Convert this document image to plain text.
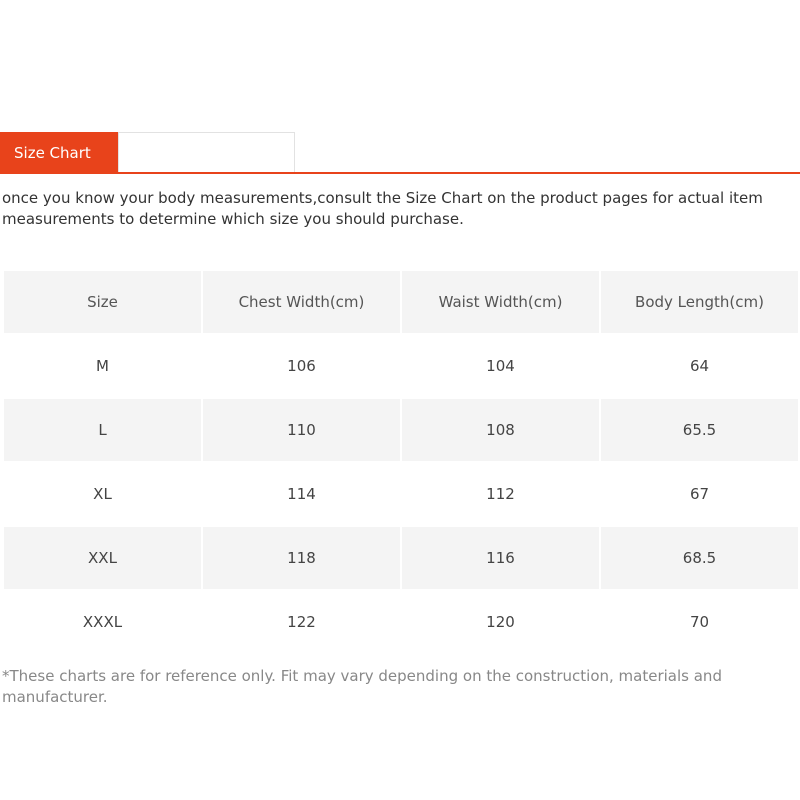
Size Chart

once you know your body measurements,consult the Size Chart on the product pages for actual item measurements to determine which size you should purchase.

Size	Chest Width(cm)	Waist Width(cm)	Body Length(cm)
M	106	104	64
L	110	108	65.5
XL	114	112	67
XXL	118	116	68.5
XXXL	122	120	70

*These charts are for reference only. Fit may vary depending on the construction, materials and manufacturer.
